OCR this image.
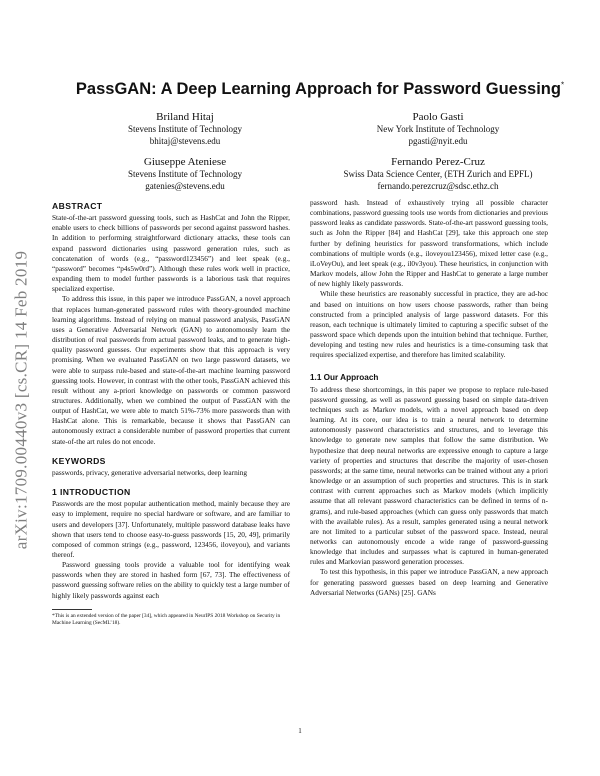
arXiv:1709.00440v3 [cs.CR] 14 Feb 2019
PassGAN: A Deep Learning Approach for Password Guessing*
Briland Hitaj
Stevens Institute of Technology
bhitaj@stevens.edu
Paolo Gasti
New York Institute of Technology
pgasti@nyit.edu
Giuseppe Ateniese
Stevens Institute of Technology
gatenies@stevens.edu
Fernando Perez-Cruz
Swiss Data Science Center, (ETH Zurich and EPFL)
fernando.perezcruz@sdsc.ethz.ch
ABSTRACT

State-of-the-art password guessing tools, such as HashCat and John the Ripper, enable users to check billions of passwords per second against password hashes. In addition to performing straightforward dictionary attacks, these tools can expand password dictionaries using password generation rules, such as concatenation of words (e.g., “password123456”) and leet speak (e.g., “password” becomes “p4s5w0rd”). Although these rules work well in practice, expanding them to model further passwords is a laborious task that requires specialized expertise.

To address this issue, in this paper we introduce PassGAN, a novel approach that replaces human-generated password rules with theory-grounded machine learning algorithms. Instead of relying on manual password analysis, PassGAN uses a Generative Adversarial Network (GAN) to autonomously learn the distribution of real passwords from actual password leaks, and to generate high-quality password guesses. Our experiments show that this approach is very promising. When we evaluated PassGAN on two large password datasets, we were able to surpass rule-based and state-of-the-art machine learning password guessing tools. However, in contrast with the other tools, PassGAN achieved this result without any a-priori knowledge on passwords or common password structures. Additionally, when we combined the output of PassGAN with the output of HashCat, we were able to match 51%-73% more passwords than with HashCat alone. This is remarkable, because it shows that PassGAN can autonomously extract a considerable number of password properties that current state-of-the art rules do not encode.

KEYWORDS

passwords, privacy, generative adversarial networks, deep learning

1 INTRODUCTION

Passwords are the most popular authentication method, mainly because they are easy to implement, require no special hardware or software, and are familiar to users and developers [37]. Unfortunately, multiple password database leaks have shown that users tend to choose easy-to-guess passwords [15, 20, 49], primarily composed of common strings (e.g., password, 123456, iloveyou), and variants thereof.

Password guessing tools provide a valuable tool for identifying weak passwords when they are stored in hashed form [67, 73]. The effectiveness of password guessing software relies on the ability to quickly test a large number of highly likely passwords against each

*This is an extended version of the paper [34], which appeared in NeurIPS 2018 Workshop on Security in Machine Learning (SecML’18).

password hash. Instead of exhaustively trying all possible character combinations, password guessing tools use words from dictionaries and previous password leaks as candidate passwords. State-of-the-art password guessing tools, such as John the Ripper [84] and HashCat [29], take this approach one step further by defining heuristics for password transformations, which include combinations of multiple words (e.g., iloveyou123456), mixed letter case (e.g., iLoVeyOu), and leet speak (e.g., il0v3you). These heuristics, in conjunction with Markov models, allow John the Ripper and HashCat to generate a large number of new highly likely passwords.

While these heuristics are reasonably successful in practice, they are ad-hoc and based on intuitions on how users choose passwords, rather than being constructed from a principled analysis of large password datasets. For this reason, each technique is ultimately limited to capturing a specific subset of the password space which depends upon the intuition behind that technique. Further, developing and testing new rules and heuristics is a time-consuming task that requires specialized expertise, and therefore has limited scalability.

1.1 Our Approach

To address these shortcomings, in this paper we propose to replace rule-based password guessing, as well as password guessing based on simple data-driven techniques such as Markov models, with a novel approach based on deep learning. At its core, our idea is to train a neural network to determine autonomously password characteristics and structures, and to leverage this knowledge to generate new samples that follow the same distribution. We hypothesize that deep neural networks are expressive enough to capture a large variety of properties and structures that describe the majority of user-chosen passwords; at the same time, neural networks can be trained without any a priori knowledge or an assumption of such properties and structures. This is in stark contrast with current approaches such as Markov models (which implicitly assume that all relevant password characteristics can be defined in terms of n-grams), and rule-based approaches (which can guess only passwords that match with the available rules). As a result, samples generated using a neural network are not limited to a particular subset of the password space. Instead, neural networks can autonomously encode a wide range of password-guessing knowledge that includes and surpasses what is captured in human-generated rules and Markovian password generation processes.

To test this hypothesis, in this paper we introduce PassGAN, a new approach for generating password guesses based on deep learning and Generative Adversarial Networks (GANs) [25]. GANs

1
